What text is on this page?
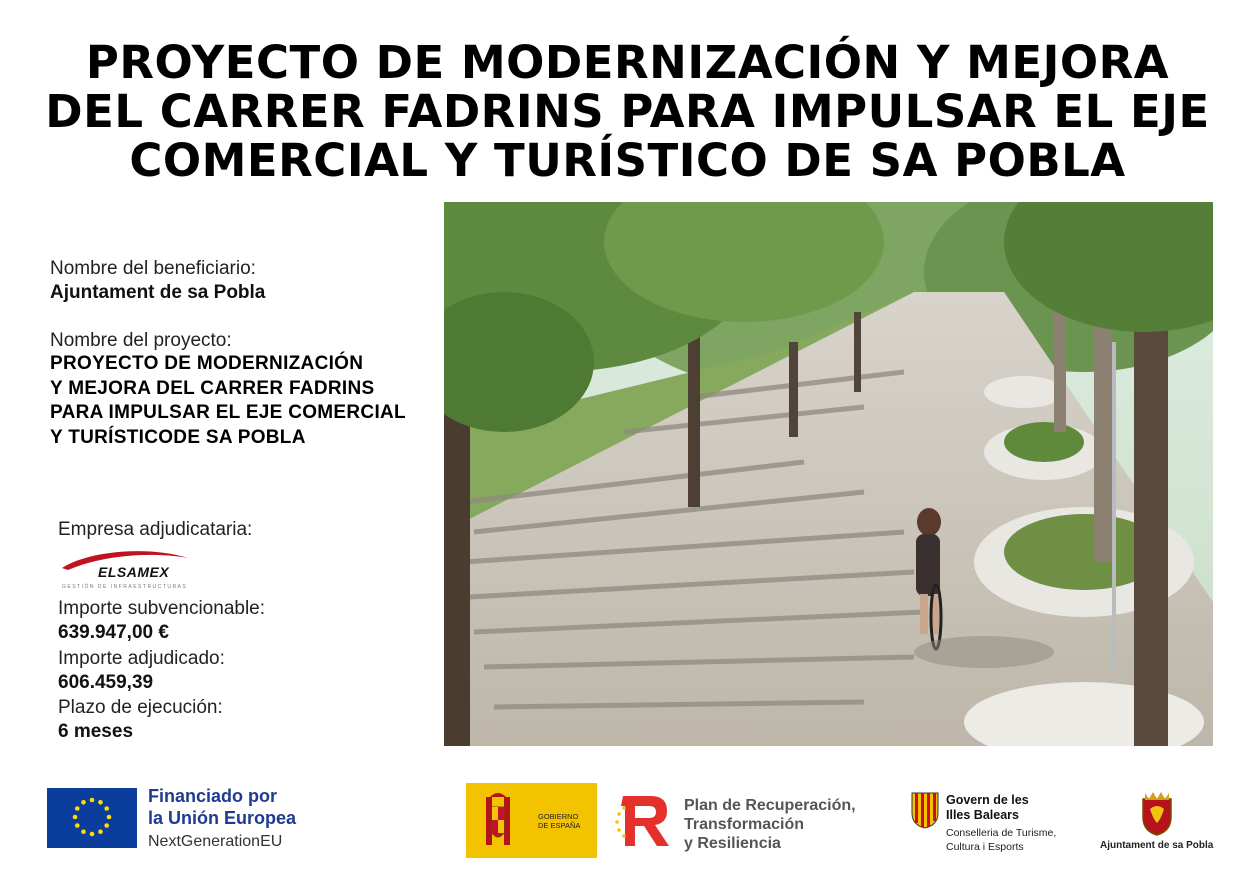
PROYECTO DE MODERNIZACIÓN Y MEJORA
DEL CARRER FADRINS PARA IMPULSAR EL EJE
COMERCIAL Y TURÍSTICO DE SA POBLA
Nombre del beneficiario:
Ajuntament de sa Pobla
Nombre del proyecto:
PROYECTO DE MODERNIZACIÓN
Y MEJORA DEL CARRER FADRINS
PARA IMPULSAR EL EJE COMERCIAL
Y TURÍSTICODE SA POBLA
Empresa adjudicataria:
ELSAMEX
GESTIÓN DE INFRAESTRUCTURAS
Importe subvencionable:
639.947,00 €
Importe adjudicado:
606.459,39
Plazo de ejecución:
6 meses
Financiado por
la Unión Europea
NextGenerationEU
GOBIERNO
DE ESPAÑA
Plan de Recuperación,
Transformación
y Resiliencia
Govern de les
Illes Balears
Conselleria de Turisme,
Cultura i Esports	Ajuntament de sa Pobla
